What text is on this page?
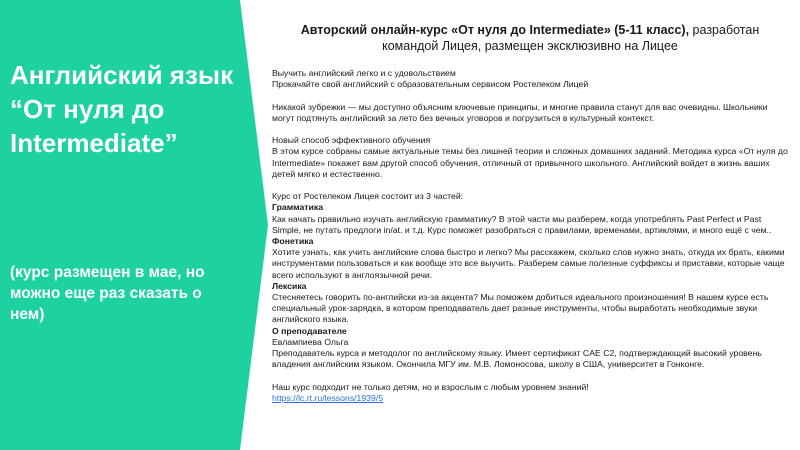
Английский язык “От нуля до Intermediate”
(курс размещен в мае, но можно еще раз сказать о нем)
Авторский онлайн-курс «От нуля до Intermediate» (5-11 класс), разработан командой Лицея, размещен эксклюзивно на Лицее

Выучить английский легко и с удовольствием

Прокачайте свой английский с образовательным сервисом Ростелеком Лицей

Никакой зубрежки — мы доступно объясним ключевые принципы, и многие правила станут для вас очевидны. Школьники могут подтянуть английский за лето без вечных уговоров и погрузиться в культурный контекст.

Новый способ эффективного обучения

В этом курсе собраны самые актуальные темы без лишней теории и сложных домашних заданий. Методика курса «От нуля до Intermediate» покажет вам другой способ обучения, отличный от привычного школьного. Английский войдет в жизнь ваших детей мягко и естественно.

Курс от Ростелеком Лицея состоит из 3 частей:

Грамматика

Как начать правильно изучать английскую грамматику? В этой части мы разберем, когда употреблять Past Perfect и Past Simple, не путать предлоги in/at. и т.д. Курс поможет разобраться с правилами, временами, артиклями, и много ещё с чем..

Фонетика

Хотите узнать, как учить английские слова быстро и легко? Мы расскажем, сколько слов нужно знать, откуда их брать, какими инструментами пользоваться и как вообще это все выучить. Разберем самые полезные суффиксы и приставки, которые чаще всего используют в англоязычной речи.

Лексика

Стесняетесь говорить по-английски из-за акцента? Мы поможем добиться идеального произношения! В нашем курсе есть специальный урок-зарядка, в котором преподаватель дает разные инструменты, чтобы выработать необходимые звуки английского языка.

О преподавателе

Евлампиева Ольга

Преподаватель курса и методолог по английскому языку. Имеет сертификат CAE C2, подтверждающий высокий уровень владения английским языком. Окончила МГУ им. М.В. Ломоносова, школу в США, университет в Гонконге.

Наш курс подходит не только детям, но и взрослым с любым уровнем знаний!

https://lc.rt.ru/lessons/1939/5
